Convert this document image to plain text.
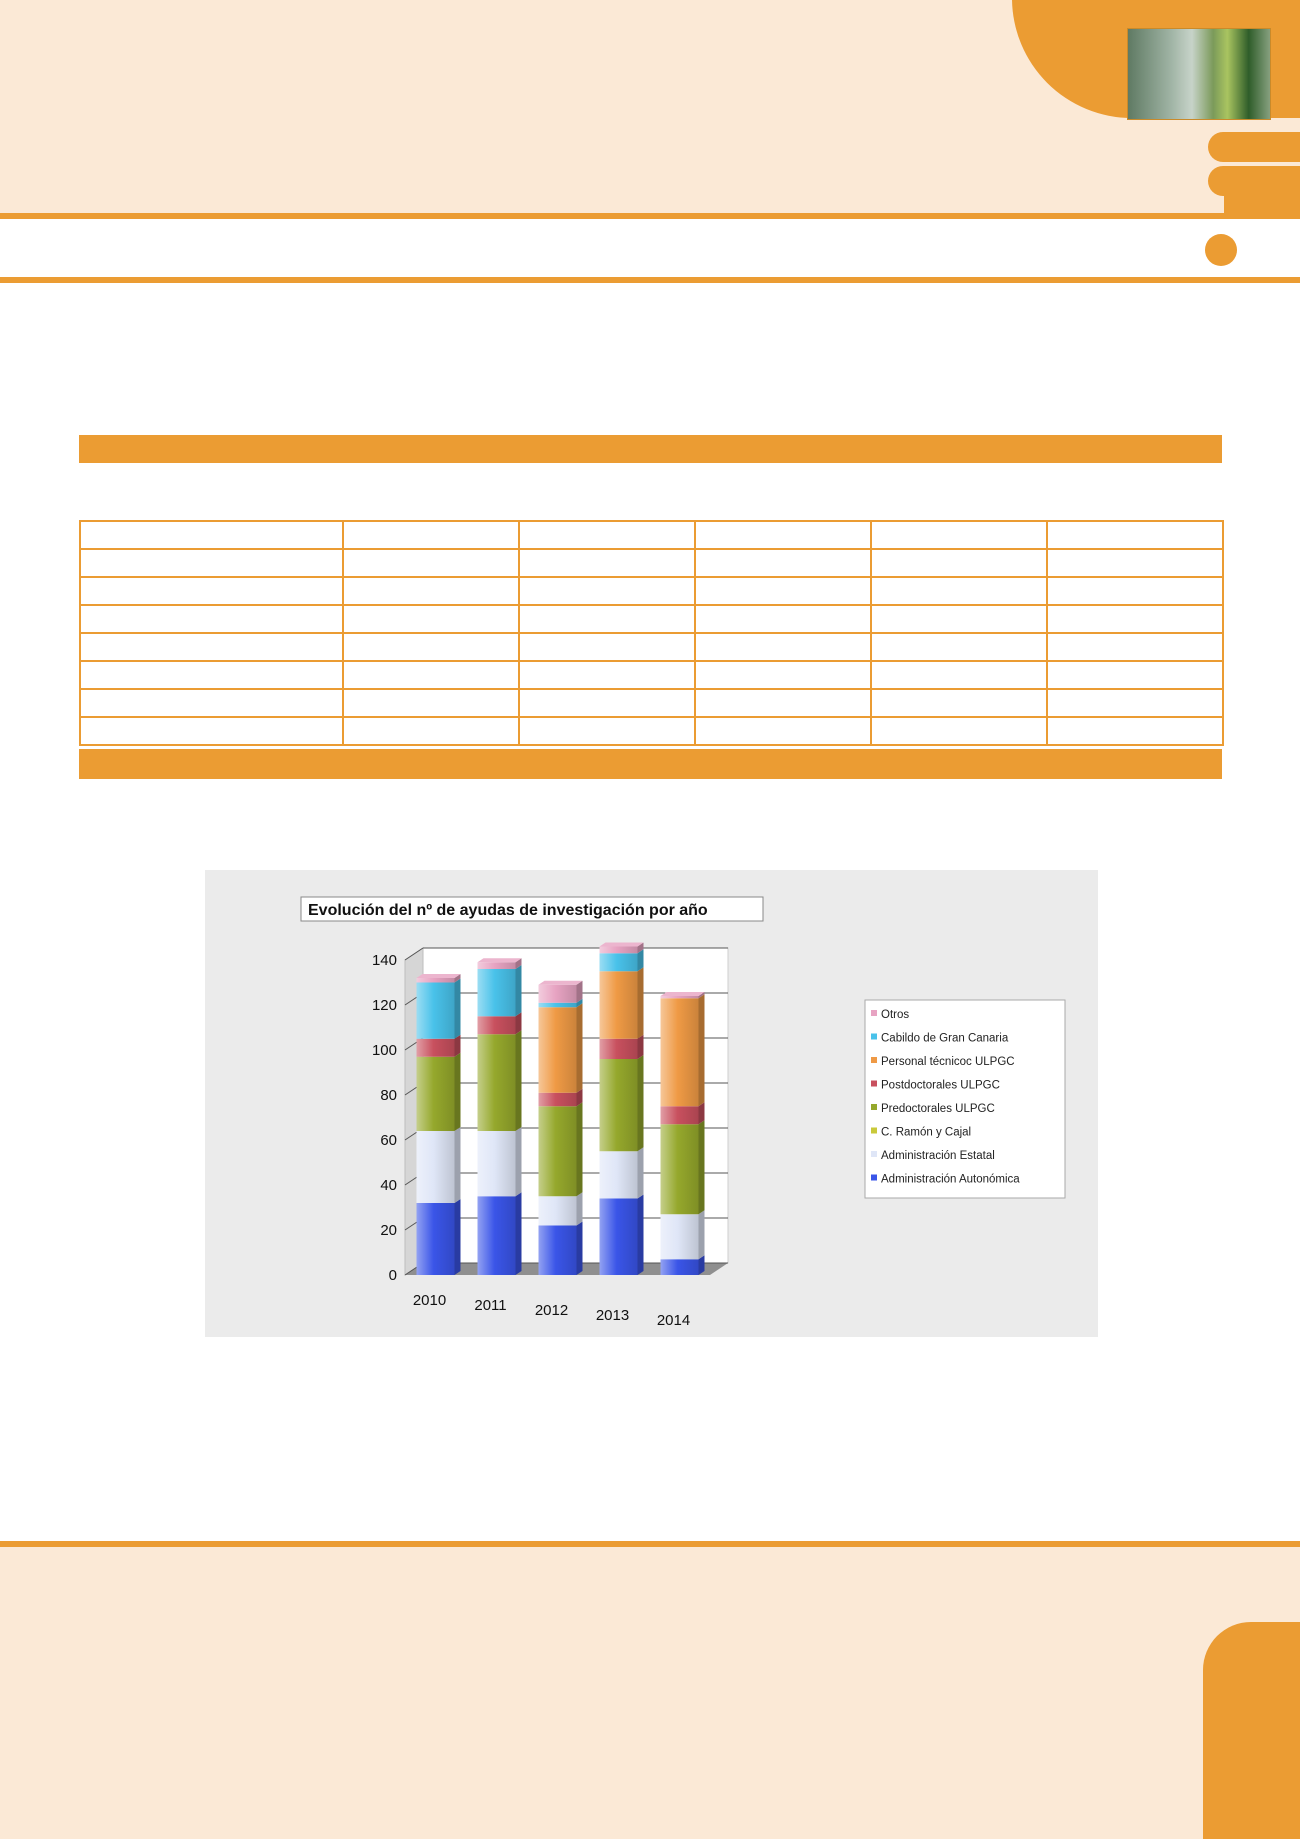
0
20
40
60
80
100
120
140
2010 2011 2012 2013 2014
Otros
Cabildo de Gran Canaria
Personal técnicoc ULPGC
Postdoctorales ULPGC
Predoctorales ULPGC
C. Ramón y Cajal
Administración Estatal
Administración Autonómica
Evolución del nº de ayudas de investigación por año
